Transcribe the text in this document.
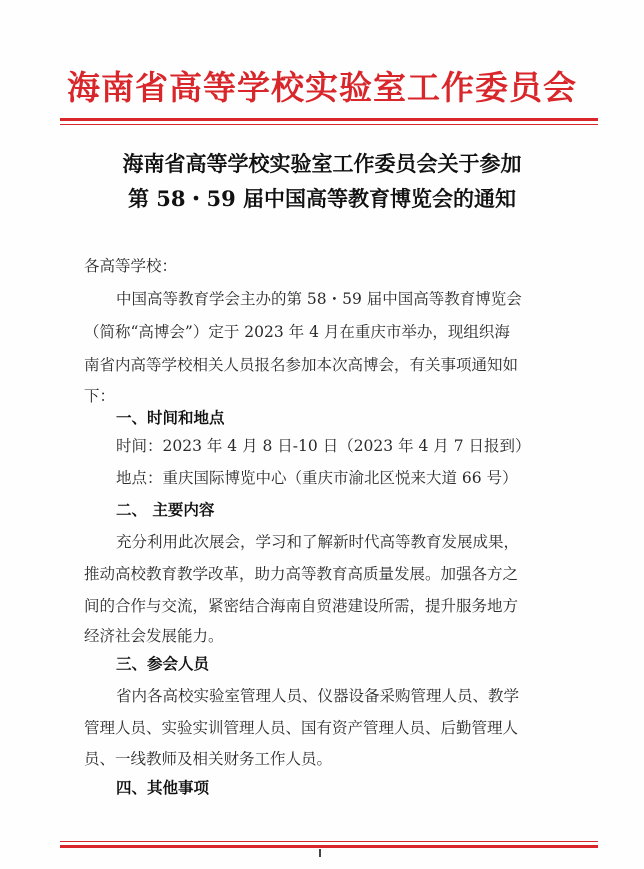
海南省高等学校实验室工作委员会
海南省高等学校实验室工作委员会关于参加
第 58・59 届中国高等教育博览会的通知
各高等学校：
中国高等教育学会主办的第 58・59 届中国高等教育博览会
（简称“高博会”）定于 2023 年 4 月在重庆市举办，现组织海
南省内高等学校相关人员报名参加本次高博会，有关事项通知如
下：
一、时间和地点
时间：2023 年 4 月 8 日-10 日（2023 年 4 月 7 日报到）
地点：重庆国际博览中心（重庆市渝北区悦来大道 66 号）
二、 主要内容
充分利用此次展会，学习和了解新时代高等教育发展成果，
推动高校教育教学改革，助力高等教育高质量发展。加强各方之
间的合作与交流，紧密结合海南自贸港建设所需，提升服务地方
经济社会发展能力。
三、参会人员
省内各高校实验室管理人员、仪器设备采购管理人员、教学
管理人员、实验实训管理人员、国有资产管理人员、后勤管理人
员、一线教师及相关财务工作人员。
四、其他事项
